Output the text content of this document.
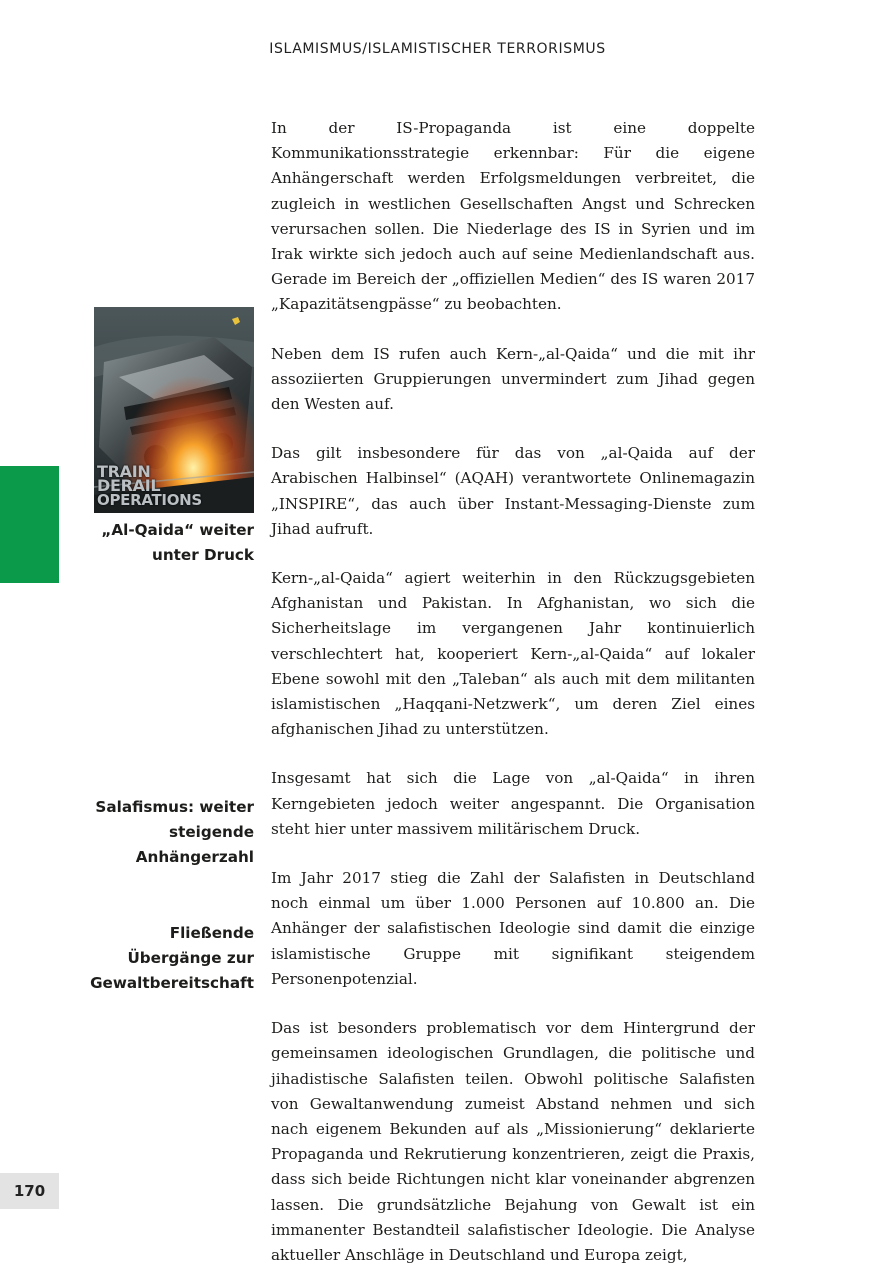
ISLAMISMUS/ISLAMISTISCHER TERRORISMUS
TRAIN
DERAIL
OPERATIONS
„Al-Qaida“ weiter unter Druck
Salafismus: weiter steigende Anhängerzahl
Fließende Übergänge zur Gewaltbereitschaft

In der IS-Propaganda ist eine doppelte Kommunikationsstrategie erkennbar: Für die eigene Anhängerschaft werden Erfolgsmeldungen verbreitet, die zugleich in westlichen Gesellschaften Angst und Schrecken verursachen sollen. Die Niederlage des IS in Syrien und im Irak wirkte sich jedoch auch auf seine Medienlandschaft aus. Gerade im Bereich der „offiziellen Medien“ des IS waren 2017 „Kapazitätsengpässe“ zu beobachten.

Neben dem IS rufen auch Kern-„al-Qaida“ und die mit ihr assoziierten Gruppierungen unvermindert zum Jihad gegen den Westen auf.

Das gilt insbesondere für das von „al-Qaida auf der Arabischen Halbinsel“ (AQAH) verantwortete Onlinemagazin „INSPIRE“, das auch über Instant-Messaging-Dienste zum Jihad aufruft.

Kern-„al-Qaida“ agiert weiterhin in den Rückzugsgebieten Afghanistan und Pakistan. In Afghanistan, wo sich die Sicherheitslage im vergangenen Jahr kontinuierlich verschlechtert hat, kooperiert Kern-„al-Qaida“ auf lokaler Ebene sowohl mit den „Taleban“ als auch mit dem militanten islamistischen „Haqqani-Netzwerk“, um deren Ziel eines afghanischen Jihad zu unterstützen.

Insgesamt hat sich die Lage von „al-Qaida“ in ihren Kerngebieten jedoch weiter angespannt. Die Organisation steht hier unter massivem militärischem Druck.

Im Jahr 2017 stieg die Zahl der Salafisten in Deutschland noch einmal um über 1.000 Personen auf 10.800 an. Die Anhänger der salafistischen Ideologie sind damit die einzige islamistische Gruppe mit signifikant steigendem Personenpotenzial.

Das ist besonders problematisch vor dem Hintergrund der gemeinsamen ideologischen Grundlagen, die politische und jihadistische Salafisten teilen. Obwohl politische Salafisten von Gewaltanwendung zumeist Abstand nehmen und sich nach eigenem Bekunden auf als „Missionierung“ deklarierte Propaganda und Rekrutierung konzentrieren, zeigt die Praxis, dass sich beide Richtungen nicht klar voneinander abgrenzen lassen. Die grundsätzliche Bejahung von Gewalt ist ein immanenter Bestandteil salafistischer Ideologie. Die Analyse aktueller Anschläge in Deutschland und Europa zeigt,

170
